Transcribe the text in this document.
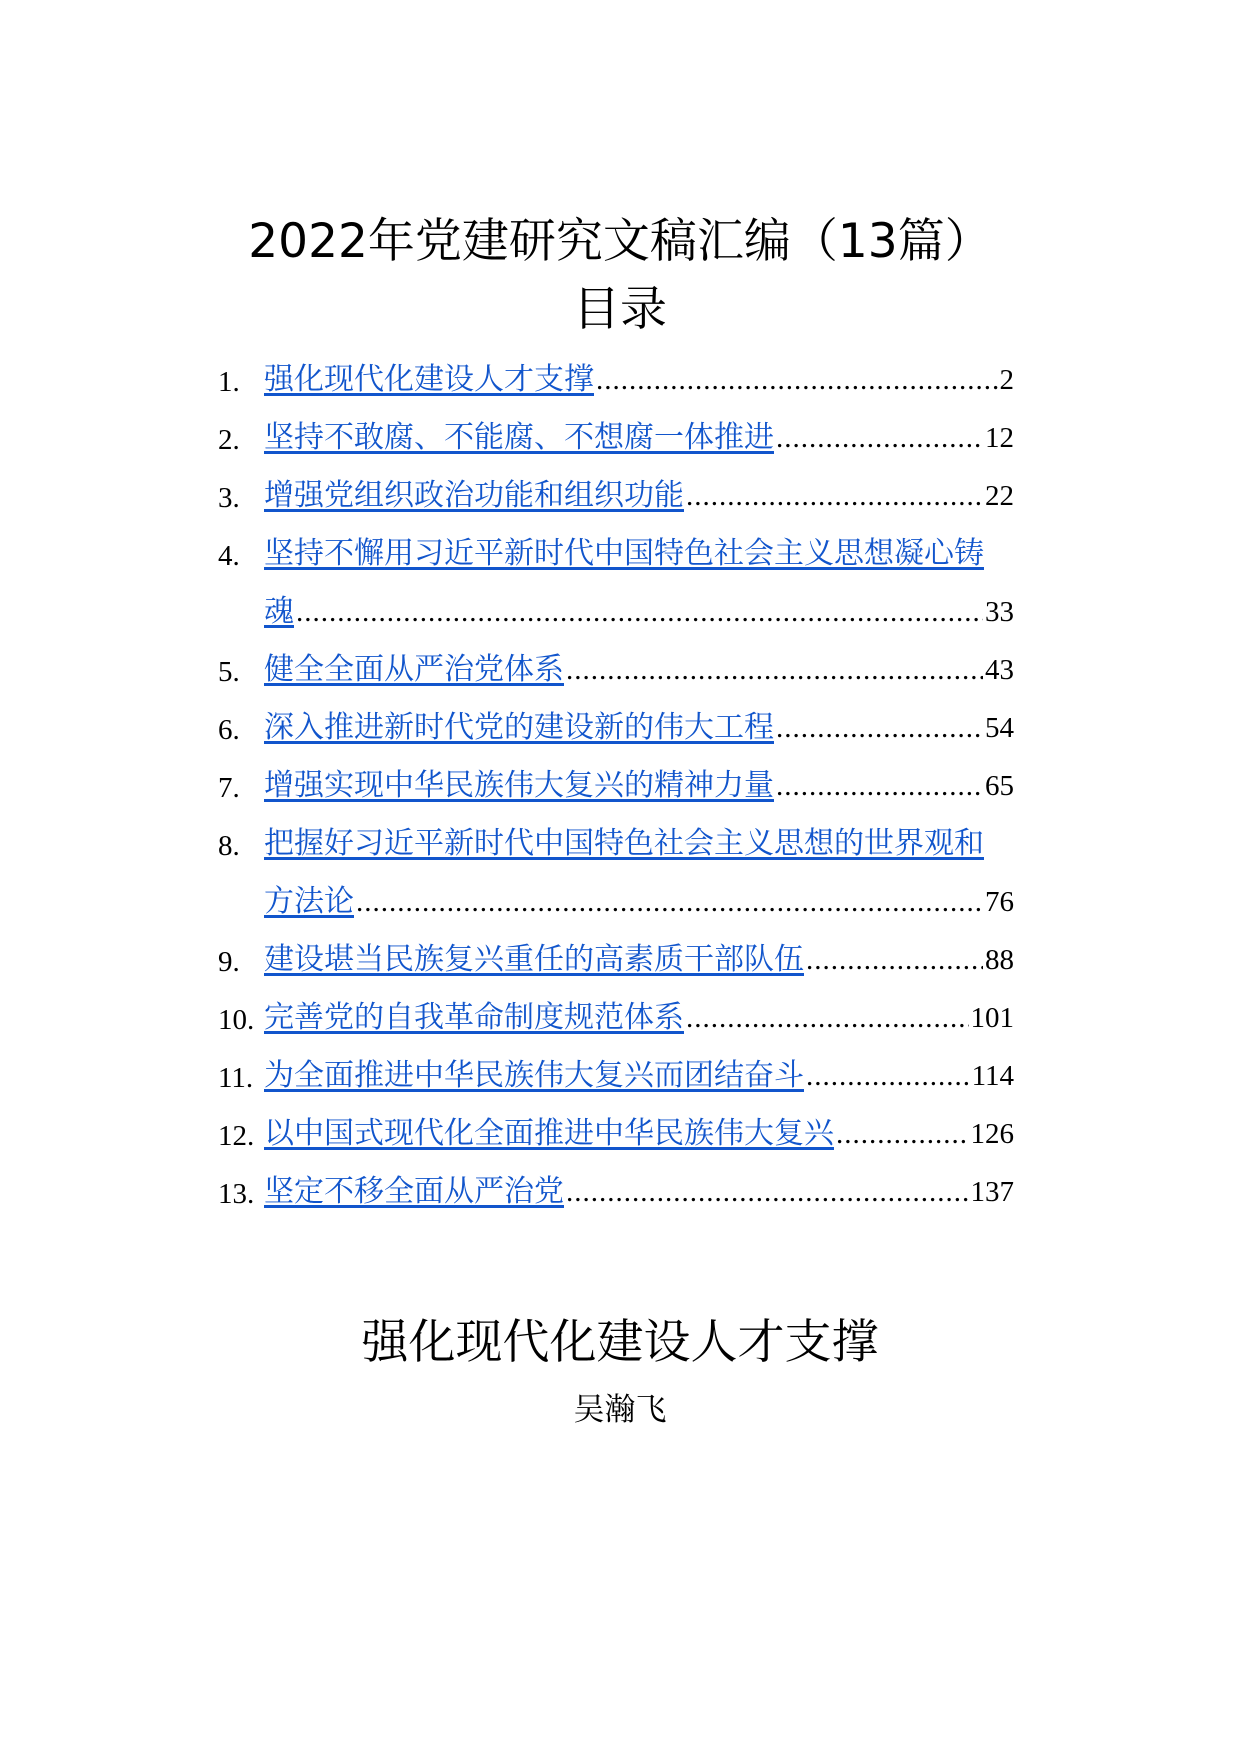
2022年党建研究文稿汇编（13篇）
目录
1. 强化现代化建设人才支撑 .....	2
2. 坚持不敢腐、不能腐、不想腐一体推进 .....	12
3. 增强党组织政治功能和组织功能 .....	22
4. 坚持不懈用习近平新时代中国特色社会主义思想凝心铸
魂 .....	33
5. 健全全面从严治党体系 .....	43
6. 深入推进新时代党的建设新的伟大工程 .....	54
7. 增强实现中华民族伟大复兴的精神力量 .....	65
8. 把握好习近平新时代中国特色社会主义思想的世界观和
方法论 .....	76
9. 建设堪当民族复兴重任的高素质干部队伍 .....	88
10. 完善党的自我革命制度规范体系 .....	101
11. 为全面推进中华民族伟大复兴而团结奋斗 .....	114
12. 以中国式现代化全面推进中华民族伟大复兴 .....	126
13. 坚定不移全面从严治党 .....	137
强化现代化建设人才支撑
吴瀚飞
